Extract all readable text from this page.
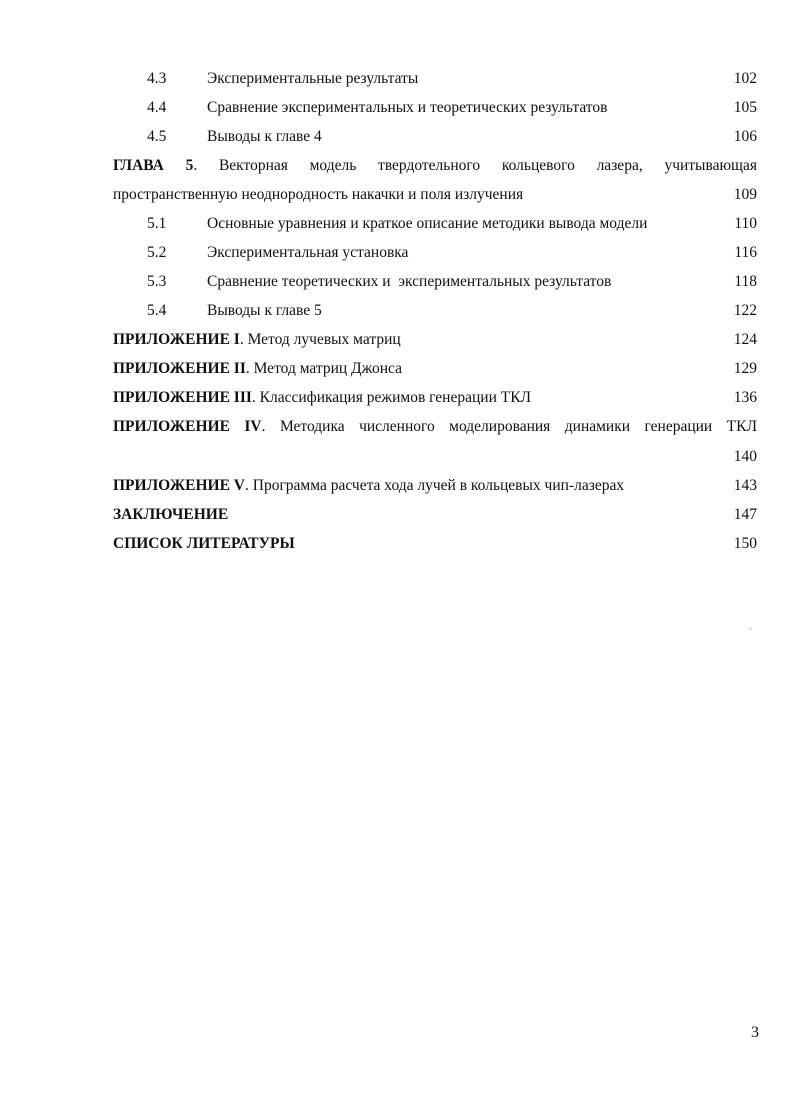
4.3	Экспериментальные результаты	102
4.4	Сравнение экспериментальных и теоретических результатов	105
4.5	Выводы к главе 4	106
ГЛАВА 5. Векторная модель твердотельного кольцевого лазера, учитывающая
пространственную неоднородность накачки и поля излучения	109
5.1	Основные уравнения и краткое описание методики вывода модели	110
5.2	Экспериментальная установка	116
5.3	Сравнение теоретических и  экспериментальных результатов	118
5.4	Выводы к главе 5	122
ПРИЛОЖЕНИЕ I. Метод лучевых матриц	124
ПРИЛОЖЕНИЕ II. Метод матриц Джонса	129
ПРИЛОЖЕНИЕ III. Классификация режимов генерации ТКЛ	136
ПРИЛОЖЕНИЕ IV. Методика численного моделирования динамики генерации ТКЛ
140
ПРИЛОЖЕНИЕ V. Программа расчета хода лучей в кольцевых чип-лазерах	143
ЗАКЛЮЧЕНИЕ	147
СПИСОК ЛИТЕРАТУРЫ	150
`
3
